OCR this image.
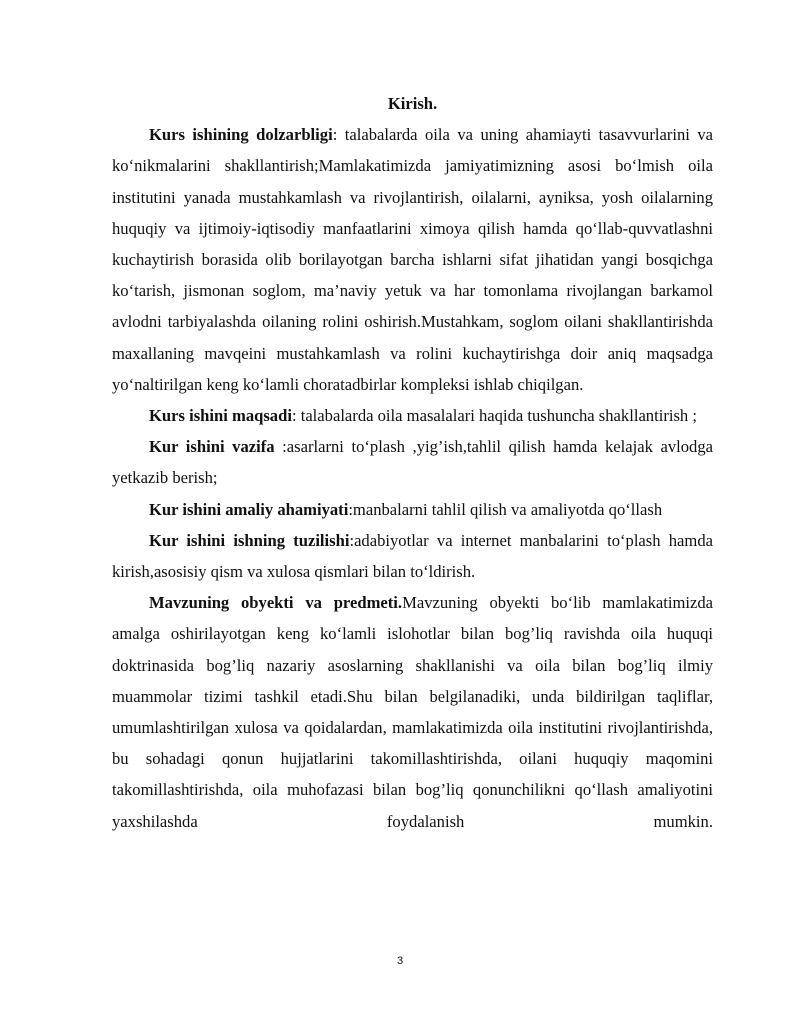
Kirish.

Kurs ishining dolzarbligi: talabalarda oila va uning ahamiayti tasavvurlarini va ko‘nikmalarini shakllantirish;Mamlakatimizda jamiyatimizning asosi bo‘lmish oila institutini yanada mustahkamlash va rivojlantirish, oilalarni, ayniksa, yosh oilalarning huquqiy va ijtimoiy-iqtisodiy manfaatlarini ximoya qilish hamda qo‘llab-quvvatlashni kuchaytirish borasida olib borilayotgan barcha ishlarni sifat jihatidan yangi bosqichga ko‘tarish, jismonan soglom, ma’naviy yetuk va har tomonlama rivojlangan barkamol avlodni tarbiyalashda oilaning rolini oshirish.Mustahkam, soglom oilani shakllantirishda maxallaning mavqeini mustahkamlash va rolini kuchaytirishga doir aniq maqsadga yo‘naltirilgan keng ko‘lamli choratadbirlar kompleksi ishlab chiqilgan.

Kurs ishini maqsadi: talabalarda oila masalalari haqida tushuncha shakllantirish ;

Kur ishini vazifa :asarlarni to‘plash ,yig’ish,tahlil qilish hamda kelajak avlodga yetkazib berish;

Kur ishini amaliy ahamiyati:manbalarni tahlil qilish va amaliyotda qo‘llash

Kur ishini ishning tuzilishi:adabiyotlar va internet manbalarini to‘plash hamda kirish,asosisiy qism va xulosa qismlari bilan to‘ldirish.

Mavzuning obyekti va predmeti.Mavzuning obyekti bo‘lib mamlakatimizda amalga oshirilayotgan keng ko‘lamli islohotlar bilan bog’liq ravishda oila huquqi doktrinasida bog’liq nazariy asoslarning shakllanishi va oila bilan bog’liq ilmiy muammolar tizimi tashkil etadi.Shu bilan belgilanadiki, unda bildirilgan taqliflar, umumlashtirilgan xulosa va qoidalardan, mamlakatimizda oila institutini rivojlantirishda, bu sohadagi qonun hujjatlarini takomillashtirishda, oilani huquqiy maqomini takomillashtirishda, oila muhofazasi bilan bog’liq qonunchilikni qo‘llash amaliyotini yaxshilashda foydalanish mumkin.

3
